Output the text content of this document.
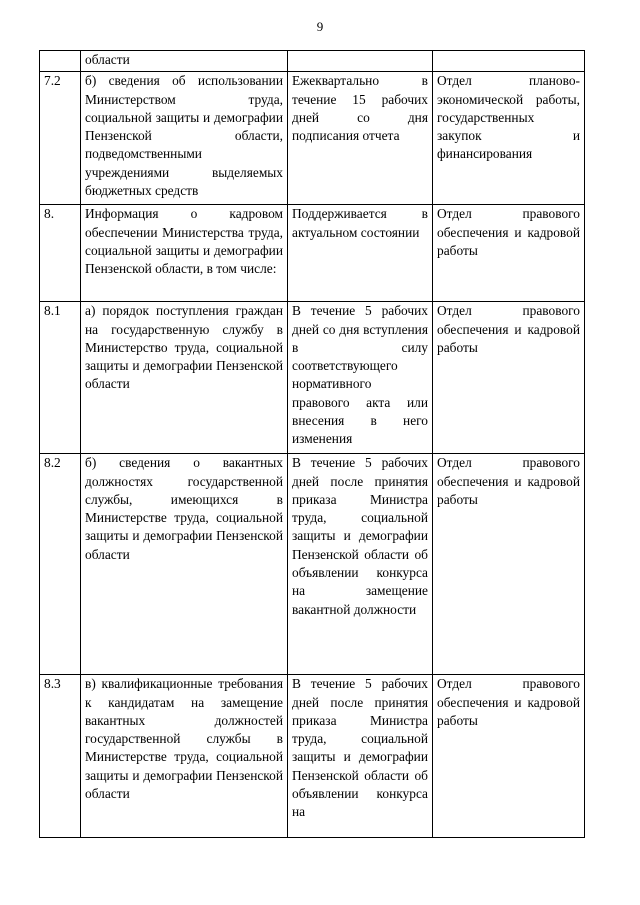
9

	области		

7.2	б) сведения об использовании Министерством труда, социальной защиты и демографии Пензенской области, подведомственными учреждениями выделяемых бюджетных средств	Ежеквартально в течение 15 рабочих дней со дня подписания отчета	Отдел планово-экономической работы, государственных закупок и финансирования

8.	Информация о кадровом обеспечении Министерства труда, социальной защиты и демографии Пензенской области, в том числе:	Поддерживается в актуальном состоянии	Отдел правового обеспечения и кадровой работы

8.1	а) порядок поступления граждан на государственную службу в Министерство труда, социальной защиты и демографии Пензенской области	В течение 5 рабочих дней со дня вступления в силу соответствующего нормативного правового акта или внесения в него изменения	Отдел правового обеспечения и кадровой работы

8.2	б) сведения о вакантных должностях государственной службы, имеющихся в Министерстве труда, социальной защиты и демографии Пензенской области	В течение 5 рабочих дней после принятия приказа Министра труда, социальной защиты и демографии Пензенской области об объявлении конкурса на замещение вакантной должности	Отдел правового обеспечения и кадровой работы

8.3	в) квалификационные требования к кандидатам на замещение вакантных должностей государственной службы в Министерстве труда, социальной защиты и демографии Пензенской области	В течение 5 рабочих дней после принятия приказа Министра труда, социальной защиты и демографии Пензенской области об объявлении конкурса на	Отдел правового обеспечения и кадровой работы
